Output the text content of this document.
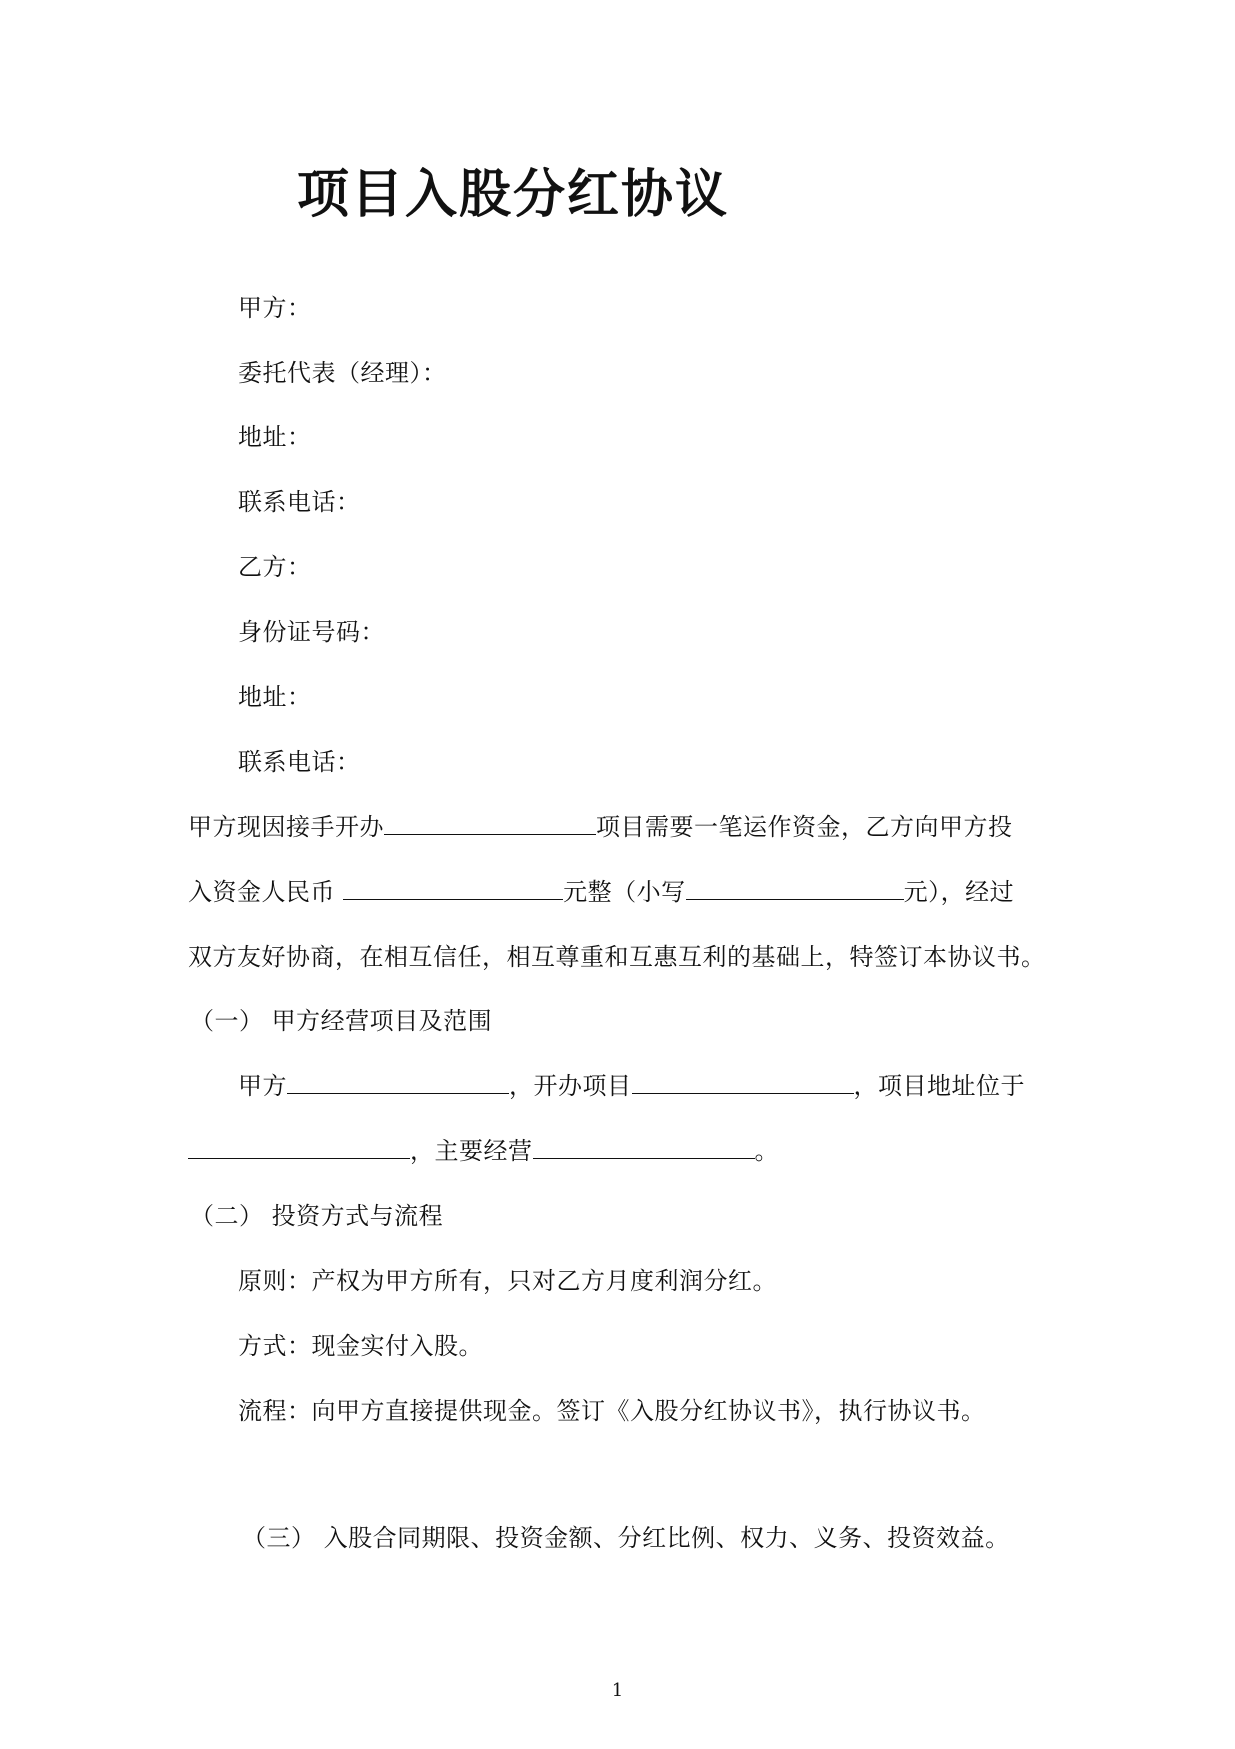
项目入股分红协议
甲方：
委托代表（经理）：
地址：
联系电话：
乙方：
身份证号码：
地址：
联系电话：
甲方现因接手开办	项目需要一笔运作资金，乙方向甲方投
入资金人民币	元整（小写	元），经过
双方友好协商，在相互信任，相互尊重和互惠互利的基础上，特签订本协议书。
（一） 甲方经营项目及范围
甲方	，开办项目	，项目地址位于
，主要经营	。
（二） 投资方式与流程
原则：产权为甲方所有，只对乙方月度利润分红。
方式：现金实付入股。
流程：向甲方直接提供现金。签订《入股分红协议书》，执行协议书。
（三） 入股合同期限、投资金额、分红比例、权力、义务、投资效益。
1
